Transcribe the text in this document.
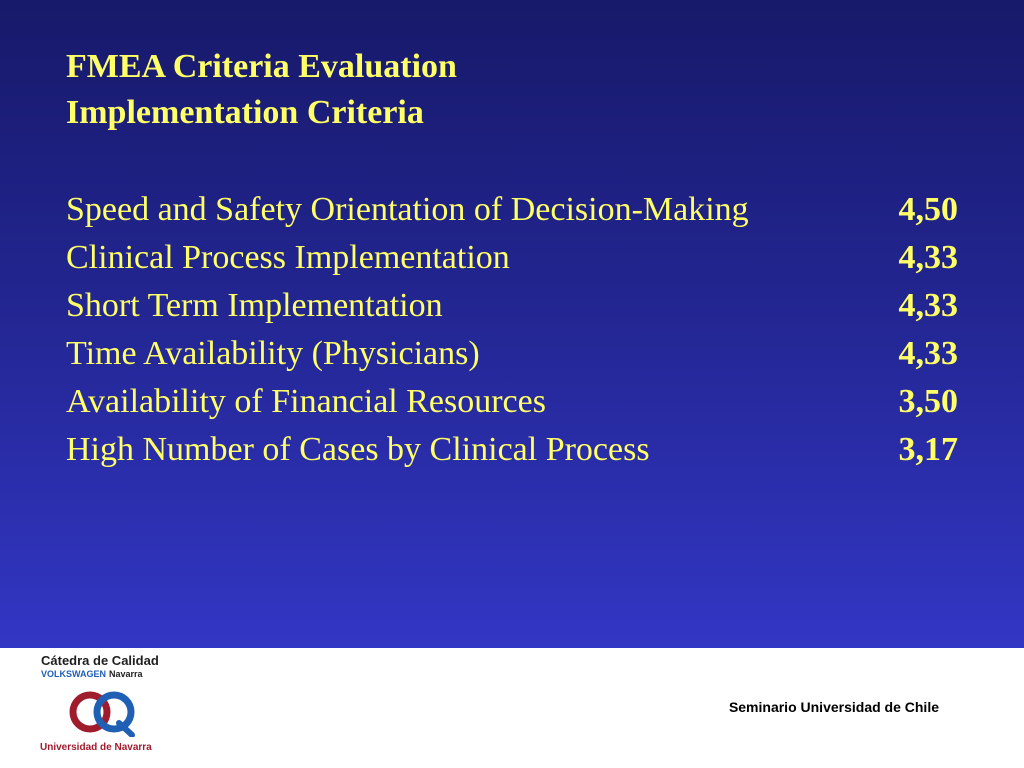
FMEA Criteria Evaluation
Implementation Criteria
Speed and Safety Orientation of Decision-Making	4,50
Clinical Process Implementation	4,33
Short Term Implementation	4,33
Time Availability (Physicians)	4,33
Availability of Financial Resources	3,50
High Number of Cases by Clinical Process	3,17
Cátedra de Calidad
VOLKSWAGEN Navarra
Universidad de Navarra
Seminario Universidad de Chile
